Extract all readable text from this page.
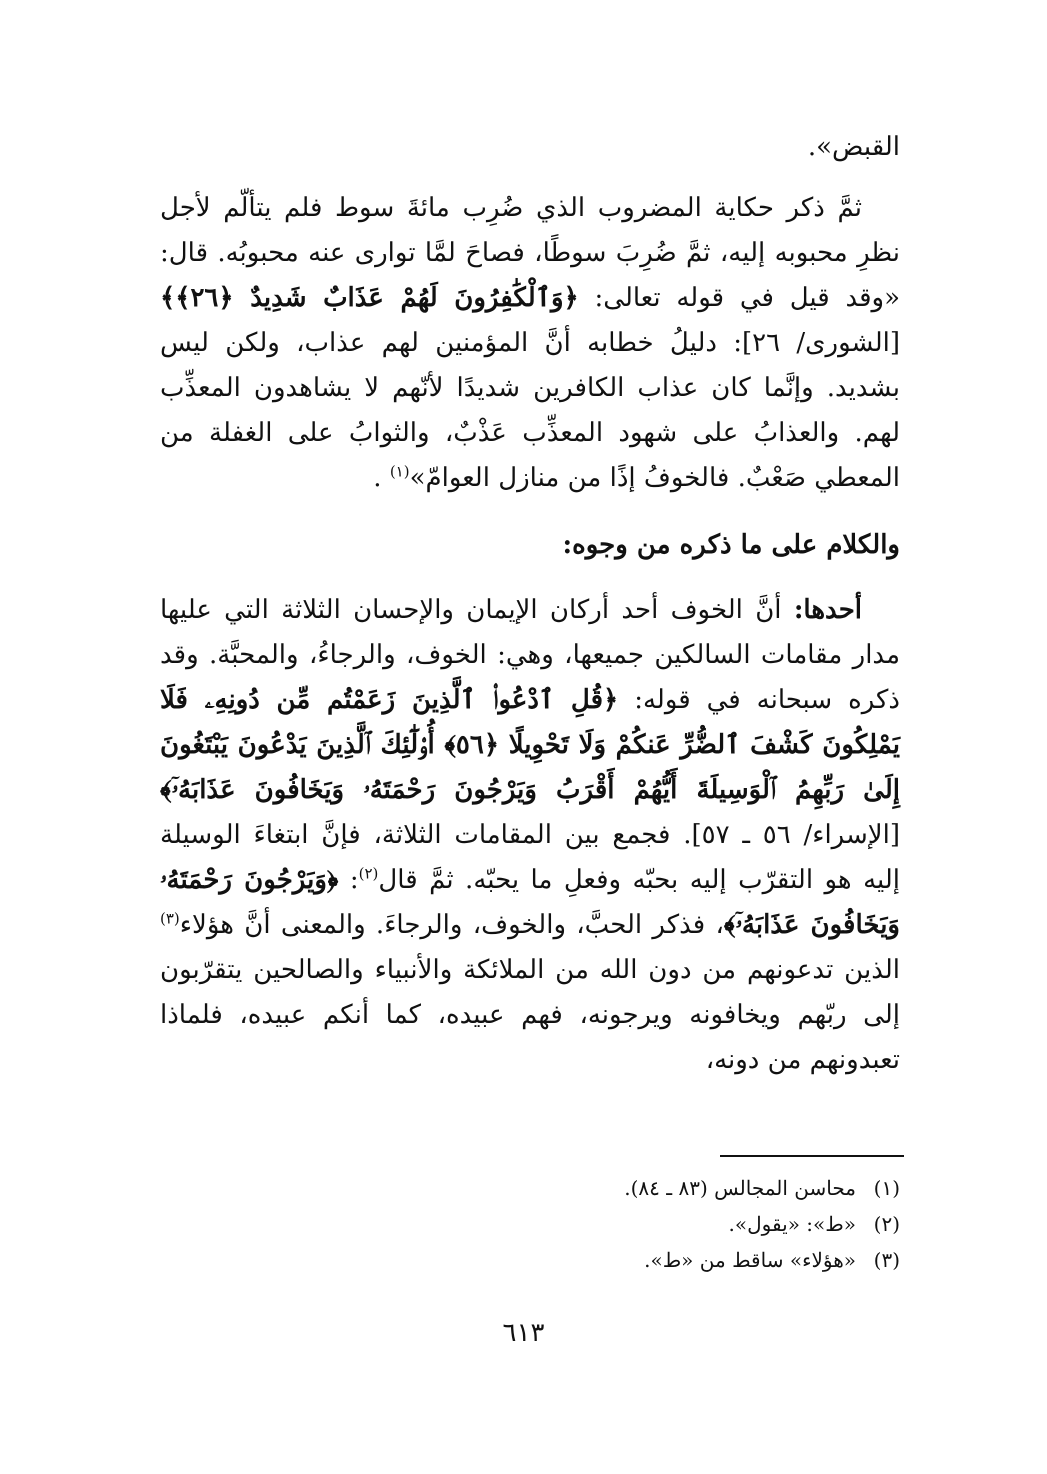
القبض».

ثمَّ ذكر حكاية المضروب الذي ضُرِب مائةَ سوط فلم يتألّم لأجل نظرِ محبوبه إليه، ثمَّ ضُرِبَ سوطًا، فصاحَ لمَّا توارى عنه محبوبُه. قال: «وقد قيل في قوله تعالى: ﴿وَٱلْكَٰفِرُونَ لَهُمْ عَذَابٌ شَدِيدٌ ﴿٢٦﴾﴾[الشورى/ ٢٦]: دليلُ خطابه أنَّ المؤمنين لهم عذاب، ولكن ليس بشديد. وإنَّما كان عذاب الكافرين شديدًا لأنّهم لا يشاهدون المعذِّب لهم. والعذابُ على شهود المعذِّب عَذْبٌ، والثوابُ على الغفلة من المعطي صَعْبٌ. فالخوفُ إذًا من منازل العوامّ»$^{(١)}$ .

والكلام على ما ذكره من وجوه:

أحدها: أنَّ الخوف أحد أركان الإيمان والإحسان الثلاثة التي عليها مدار مقامات السالكين جميعها، وهي: الخوف، والرجاءُ، والمحبَّة. وقد ذكره سبحانه في قوله: ﴿قُلِ ٱدْعُوا۟ ٱلَّذِينَ زَعَمْتُم مِّن دُونِهِۦ فَلَا يَمْلِكُونَ كَشْفَ ٱلضُّرِّ عَنكُمْ وَلَا تَحْوِيلًا ﴿٥٦﴾ أُو۟لَٰٓئِكَ ٱلَّذِينَ يَدْعُونَ يَبْتَغُونَ إِلَىٰ رَبِّهِمُ ٱلْوَسِيلَةَ أَيُّهُمْ أَقْرَبُ وَيَرْجُونَ رَحْمَتَهُۥ وَيَخَافُونَ عَذَابَهُۥٓ﴾[الإسراء/ ٥٦ ـ ٥٧]. فجمع بين المقامات الثلاثة، فإنَّ ابتغاءَ الوسيلة إليه هو التقرّب إليه بحبّه وفعلِ ما يحبّه. ثمَّ قال$^{(٢)}$: ﴿وَيَرْجُونَ رَحْمَتَهُۥ وَيَخَافُونَ عَذَابَهُۥٓ﴾، فذكر الحبَّ، والخوف، والرجاءَ. والمعنى أنَّ هؤلاء$^{(٣)}$ الذين تدعونهم من دون الله من الملائكة والأنبياء والصالحين يتقرّبون إلى ربّهم ويخافونه ويرجونه، فهم عبيده، كما أنكم عبيده، فلماذا تعبدونهم من دونه،

(١)محاسن المجالس (٨٣ ـ ٨٤).

(٢)«ط»: «يقول».

(٣)«هؤلاء» ساقط من «ط».

٦١٣
